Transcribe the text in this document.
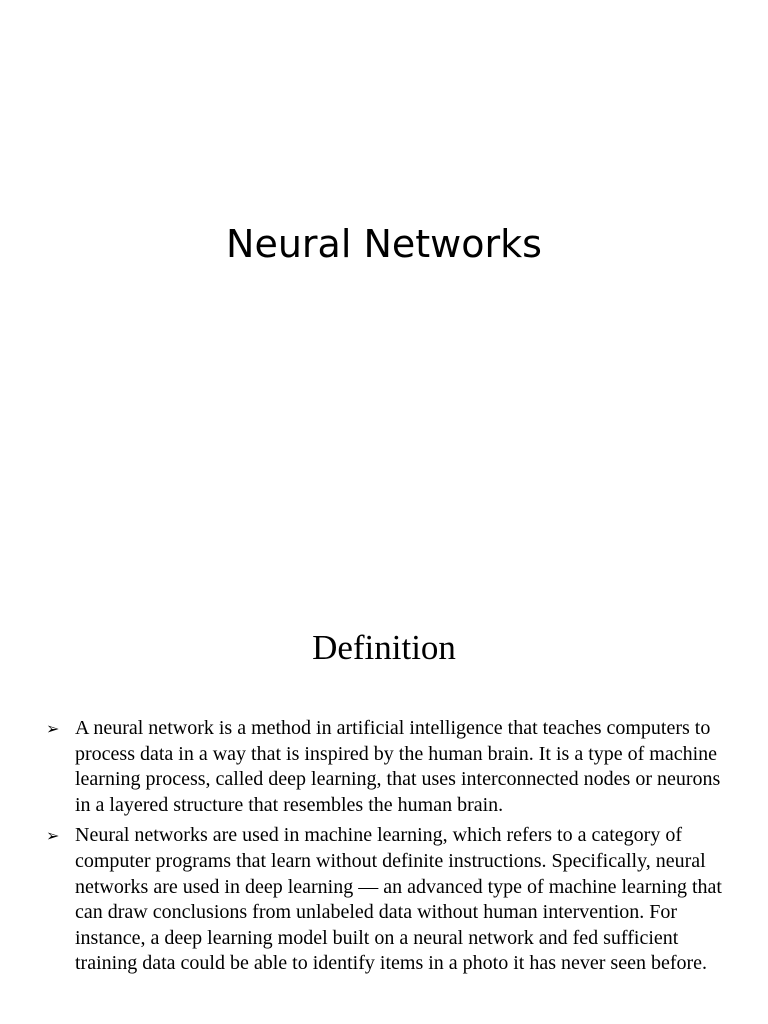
Neural Networks
Definition
➢ A neural network is a method in artificial intelligence that teaches computers to process data in a way that is inspired by the human brain. It is a type of machine learning process, called deep learning, that uses interconnected nodes or neurons in a layered structure that resembles the human brain.
➢ Neural networks are used in machine learning, which refers to a category of computer programs that learn without definite instructions. Specifically, neural networks are used in deep learning — an advanced type of machine learning that can draw conclusions from unlabeled data without human intervention. For instance, a deep learning model built on a neural network and fed sufficient training data could be able to identify items in a photo it has never seen before.
